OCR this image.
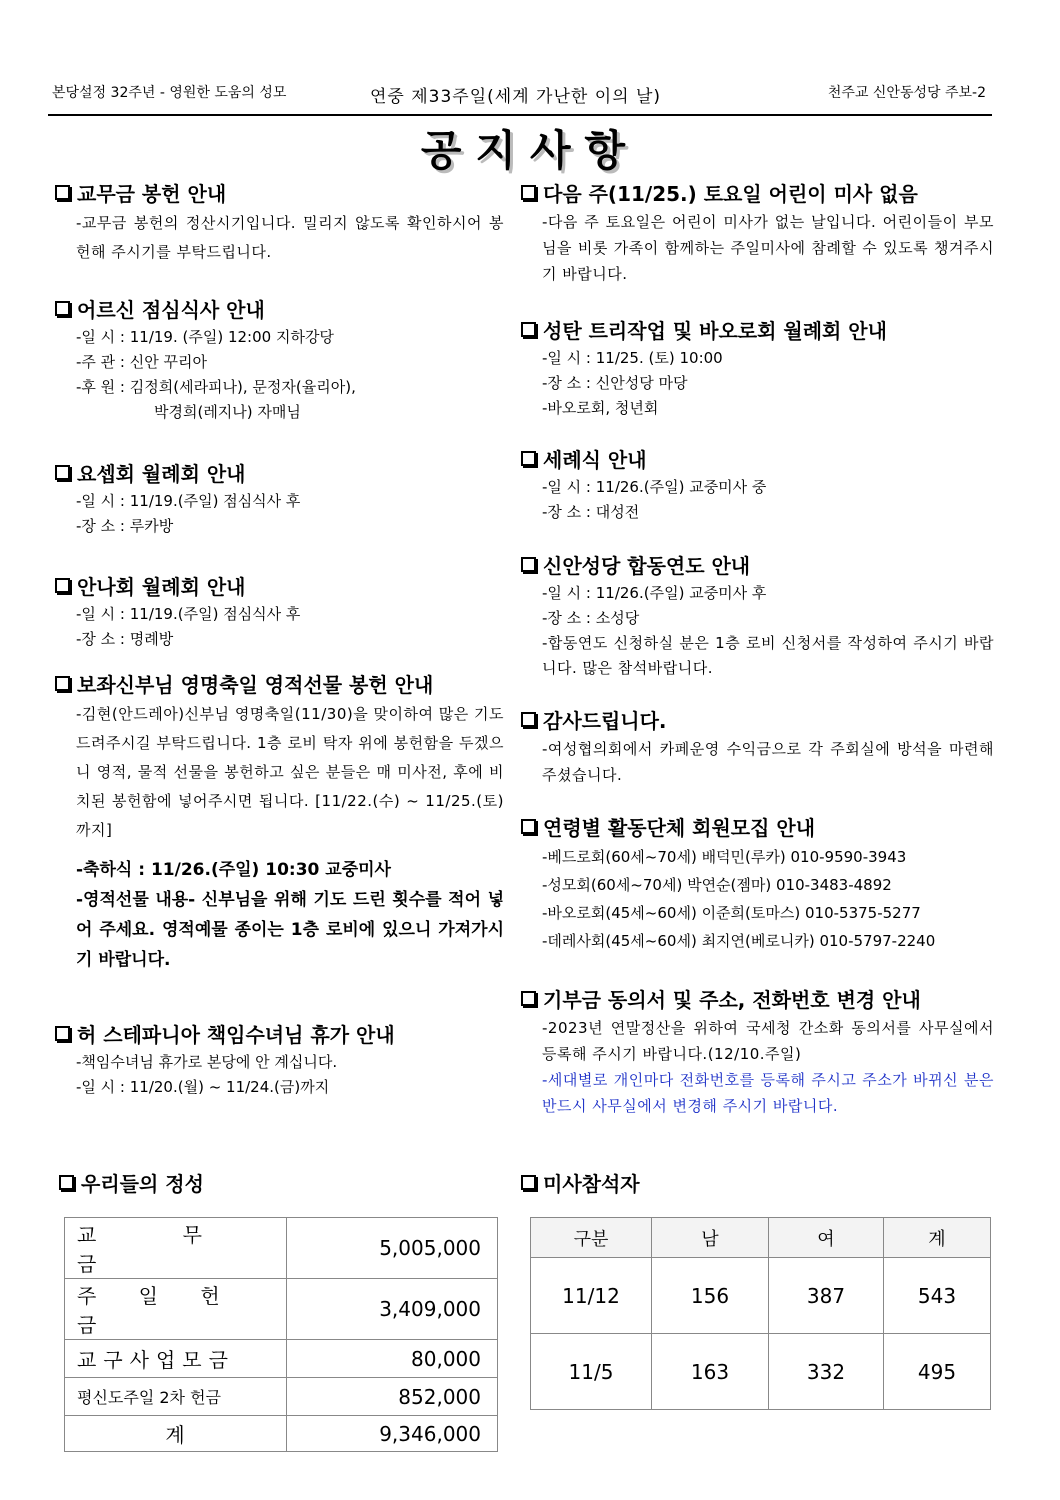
본당설정 32주년 - 영원한 도움의 성모	연중 제33주일(세계 가난한 이의 날)	천주교 신안동성당 주보-2
공지사항
교무금 봉헌 안내
-교무금 봉헌의 정산시기입니다. 밀리지 않도록 확인하시어 봉헌해 주시기를 부탁드립니다.
어르신 점심식사 안내
-일 시 : 11/19. (주일) 12:00 지하강당
-주 관 : 신안 꾸리아
-후 원 : 김정희(세라피나), 문정자(율리아),
박경희(레지나) 자매님
요셉회 월례회 안내
-일 시 : 11/19.(주일) 점심식사 후
-장 소 : 루카방
안나회 월례회 안내
-일 시 : 11/19.(주일) 점심식사 후
-장 소 : 명례방
보좌신부님 영명축일 영적선물 봉헌 안내
-김현(안드레아)신부님 영명축일(11/30)을 맞이하여 많은 기도 드려주시길 부탁드립니다. 1층 로비 탁자 위에 봉헌함을 두겠으니 영적, 물적 선물을 봉헌하고 싶은 분들은 매 미사전, 후에 비치된 봉헌함에 넣어주시면 됩니다. [11/22.(수) ~ 11/25.(토)까지]
-축하식 : 11/26.(주일) 10:30 교중미사
-영적선물 내용- 신부님을 위해 기도 드린 횟수를 적어 넣어 주세요. 영적예물 종이는 1층 로비에 있으니 가져가시기 바랍니다.
허 스테파니아 책임수녀님 휴가 안내
-책임수녀님 휴가로 본당에 안 계십니다.
-일 시 : 11/20.(월) ~ 11/24.(금)까지
다음 주(11/25.) 토요일 어린이 미사 없음
-다음 주 토요일은 어린이 미사가 없는 날입니다. 어린이들이 부모님을 비롯 가족이 함께하는 주일미사에 참례할 수 있도록 챙겨주시기 바랍니다.
성탄 트리작업 및 바오로회 월례회 안내
-일 시 : 11/25. (토) 10:00
-장 소 : 신안성당 마당
-바오로회, 청년회
세례식 안내
-일 시 : 11/26.(주일) 교중미사 중
-장 소 : 대성전
신안성당 합동연도 안내
-일 시 : 11/26.(주일) 교중미사 후
-장 소 : 소성당
-합동연도 신청하실 분은 1층 로비 신청서를 작성하여 주시기 바랍니다. 많은 참석바랍니다.
감사드립니다.
-여성협의회에서 카페운영 수익금으로 각 주회실에 방석을 마련해 주셨습니다.
연령별 활동단체 회원모집 안내
-베드로회(60세~70세) 배덕민(루카) 010-9590-3943
-성모회(60세~70세) 박연순(젬마) 010-3483-4892
-바오로회(45세~60세) 이준희(토마스) 010-5375-5277
-데레사회(45세~60세) 최지연(베로니카) 010-5797-2240
기부금 동의서 및 주소, 전화번호 변경 안내
-2023년 연말정산을 위하여 국세청 간소화 동의서를 사무실에서 등록해 주시기 바랍니다.(12/10.주일)
-세대별로 개인마다 전화번호를 등록해 주시고 주소가 바뀌신 분은 반드시 사무실에서 변경해 주시기 바랍니다.
우리들의 정성	미사참석자
교 무 금	5,005,000
주 일 헌 금	3,409,000
교구사업모금	80,000
평신도주일 2차 헌금	852,000
계	9,346,000
구분	남	여	계
11/12	156	387	543
11/5	163	332	495
